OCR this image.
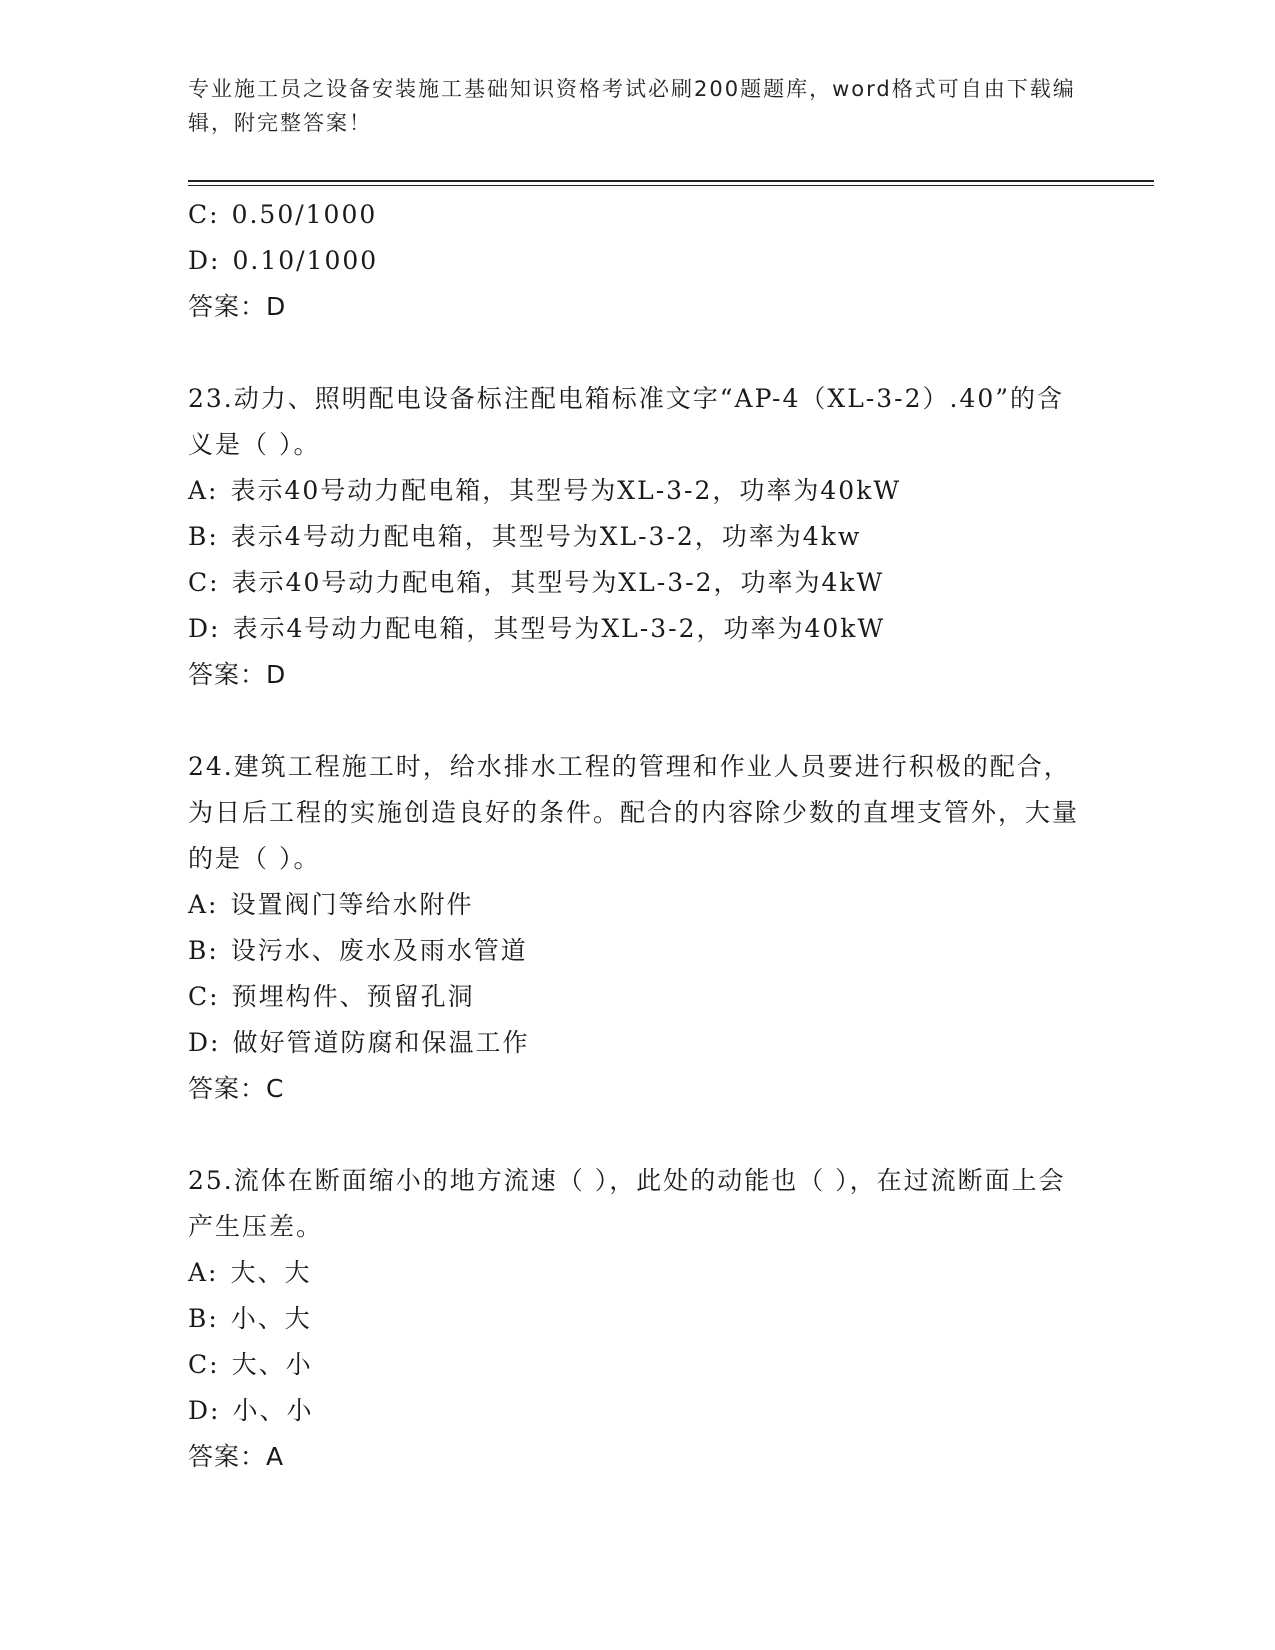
专业施工员之设备安装施工基础知识资格考试必刷200题题库，word格式可自由下载编辑，附完整答案！
C: 0.50/1000
D: 0.10/1000
答案：D
23.动力、照明配电设备标注配电箱标准文字“AP-4（XL-3-2）.40”的含义是（ ）。
A: 表示40号动力配电箱，其型号为XL-3-2，功率为40kW
B: 表示4号动力配电箱，其型号为XL-3-2，功率为4kw
C: 表示40号动力配电箱，其型号为XL-3-2，功率为4kW
D: 表示4号动力配电箱，其型号为XL-3-2，功率为40kW
答案：D
24.建筑工程施工时，给水排水工程的管理和作业人员要进行积极的配合，为日后工程的实施创造良好的条件。配合的内容除少数的直埋支管外，大量的是（ ）。
A: 设置阀门等给水附件
B: 设污水、废水及雨水管道
C: 预埋构件、预留孔洞
D: 做好管道防腐和保温工作
答案：C
25.流体在断面缩小的地方流速（ ），此处的动能也（ ），在过流断面上会产生压差。
A: 大、大
B: 小、大
C: 大、小
D: 小、小
答案：A
